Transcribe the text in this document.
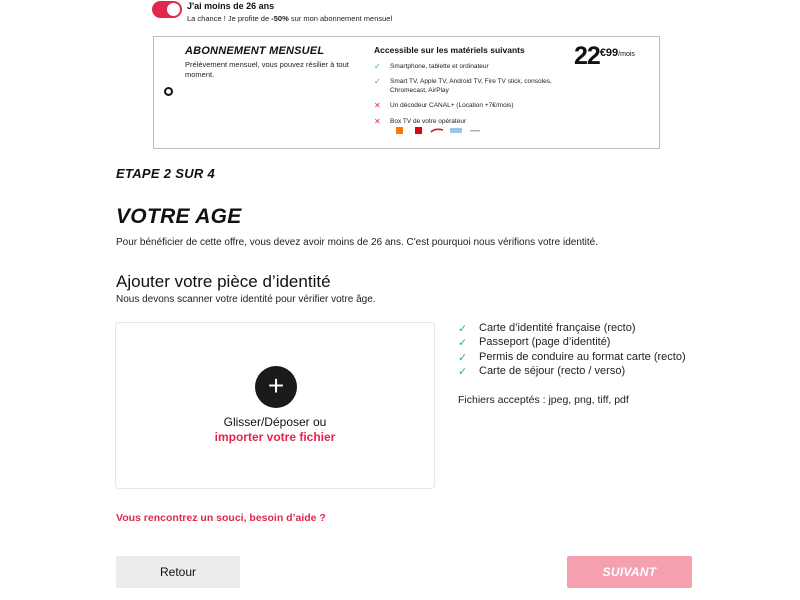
J'ai moins de 26 ans
La chance ! Je profite de -50% sur mon abonnement mensuel
ABONNEMENT MENSUEL
Prélèvement mensuel, vous pouvez résilier à tout moment.
Accessible sur les matériels suivants
✓	Smartphone, tablette et ordinateur
✓	Smart TV, Apple TV, Android TV, Fire TV stick, consoles, Chromecast, AirPlay
✕	Un décodeur CANAL+ (Location +7€/mois)
✕	Box TV de votre opérateur
$22^{€99/mois}$
ETAPE 2 SUR 4
VOTRE AGE
Pour bénéficier de cette offre, vous devez avoir moins de 26 ans. C'est pourquoi nous vérifions votre identité.
Ajouter votre pièce d’identité
Nous devons scanner votre identité pour vérifier votre âge.
+
Glisser/Déposer ou
importer votre fichier
✓ Carte d’identité française (recto)
✓ Passeport (page d’identité)
✓ Permis de conduire au format carte (recto)
✓ Carte de séjour (recto / verso)
Fichiers acceptés : jpeg, png, tiff, pdf
Vous rencontrez un souci, besoin d’aide ?
Retour	SUIVANT
